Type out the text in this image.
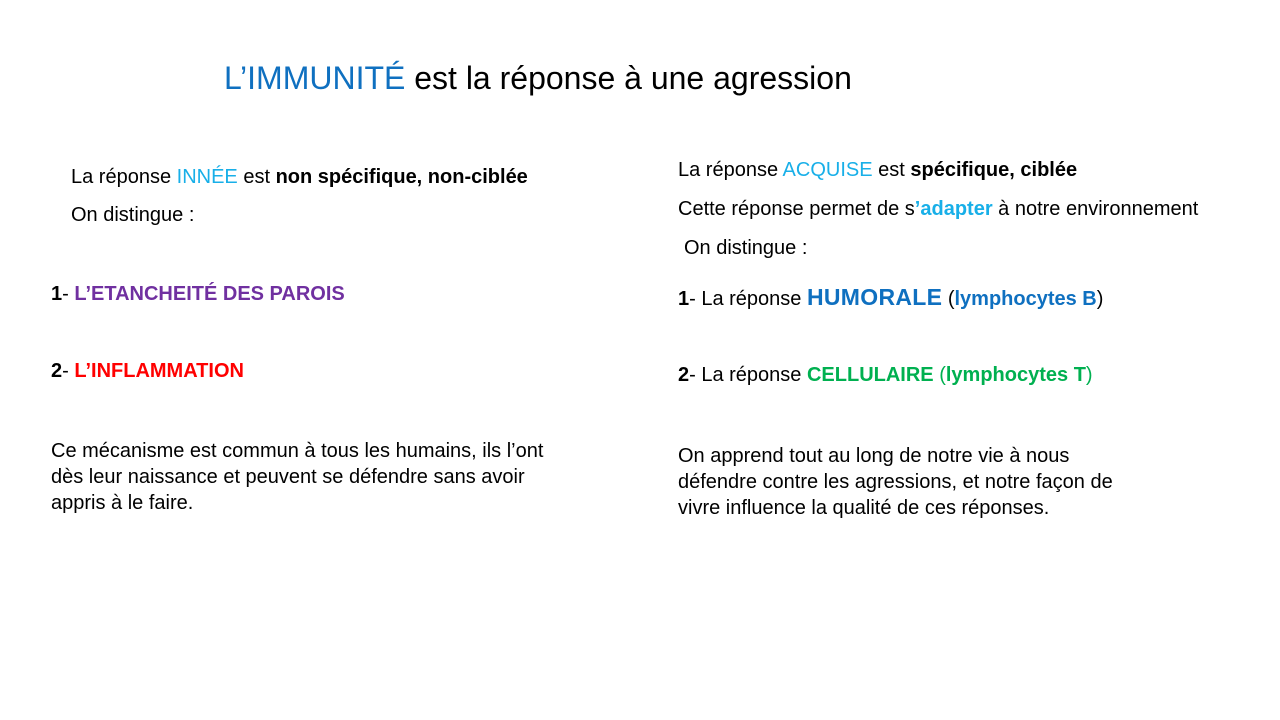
L’IMMUNITÉ est la réponse à une agression
La réponse INNÉE est non spécifique, non-ciblée
On distingue :
1- L’ETANCHEITÉ DES PAROIS
2- L’INFLAMMATION
Ce mécanisme est commun à tous les humains, ils l’ont
dès leur naissance et peuvent se défendre sans avoir
appris à le faire.
La réponse ACQUISE est spécifique, ciblée
Cette réponse permet de s’adapter à notre environnement
On distingue :
1- La réponse HUMORALE (lymphocytes B)
2- La réponse CELLULAIRE (lymphocytes T)
On apprend tout au long de notre vie à nous
défendre contre les agressions, et notre façon de
vivre influence la qualité de ces réponses.
